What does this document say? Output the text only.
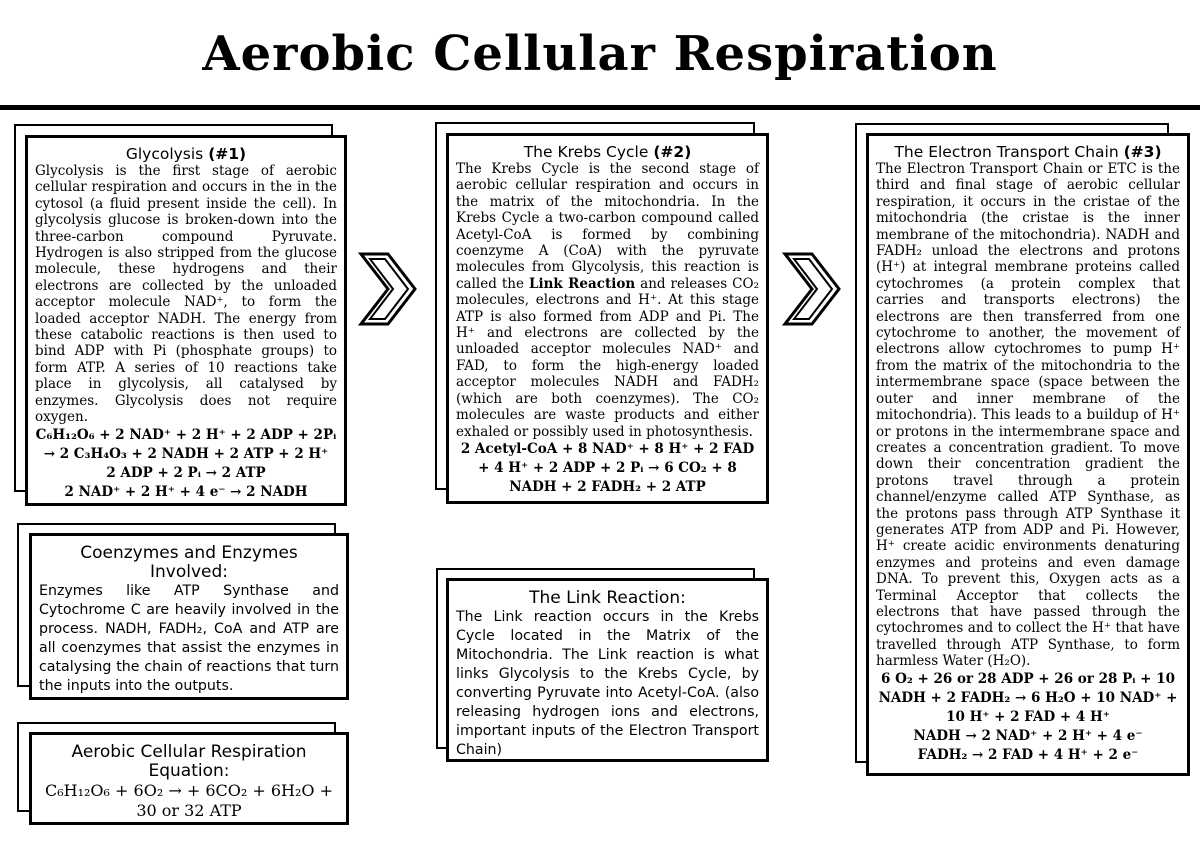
Aerobic Cellular Respiration
Glycolysis (#1)
Glycolysis is the first stage of aerobic cellular respiration and occurs in the in the cytosol (a fluid present inside the cell). In glycolysis glucose is broken-down into the three-carbon compound Pyruvate. Hydrogen is also stripped from the glucose molecule, these hydrogens and their electrons are collected by the unloaded acceptor molecule NAD⁺, to form the loaded acceptor NADH. The energy from these catabolic reactions is then used to bind ADP with Pi (phosphate groups) to form ATP. A series of 10 reactions take place in glycolysis, all catalysed by enzymes. Glycolysis does not require oxygen.
C₆H₁₂O₆ + 2 NAD⁺ + 2 H⁺ + 2 ADP + 2Pᵢ → 2 C₃H₄O₃ + 2 NADH + 2 ATP + 2 H⁺
2 ADP + 2 Pᵢ → 2 ATP
2 NAD⁺ + 2 H⁺ + 4 e⁻ → 2 NADH
The Krebs Cycle (#2)
The Krebs Cycle is the second stage of aerobic cellular respiration and occurs in the matrix of the mitochondria. In the Krebs Cycle a two-carbon compound called Acetyl-CoA is formed by combining coenzyme A (CoA) with the pyruvate molecules from Glycolysis, this reaction is called the Link Reaction and releases CO₂ molecules, electrons and H⁺. At this stage ATP is also formed from ADP and Pi. The H⁺ and electrons are collected by the unloaded acceptor molecules NAD⁺ and FAD, to form the high-energy loaded acceptor molecules NADH and FADH₂ (which are both coenzymes). The CO₂ molecules are waste products and either exhaled or possibly used in photosynthesis.
2 Acetyl-CoA + 8 NAD⁺ + 8 H⁺ + 2 FAD + 4 H⁺ + 2 ADP + 2 Pᵢ → 6 CO₂ + 8 NADH + 2 FADH₂ + 2 ATP
The Electron Transport Chain (#3)
The Electron Transport Chain or ETC is the third and final stage of aerobic cellular respiration, it occurs in the cristae of the mitochondria (the cristae is the inner membrane of the mitochondria). NADH and FADH₂ unload the electrons and protons (H⁺) at integral membrane proteins called cytochromes (a protein complex that carries and transports electrons) the electrons are then transferred from one cytochrome to another, the movement of electrons allow cytochromes to pump H⁺ from the matrix of the mitochondria to the intermembrane space (space between the outer and inner membrane of the mitochondria). This leads to a buildup of H⁺ or protons in the intermembrane space and creates a concentration gradient. To move down their concentration gradient the protons travel through a protein channel/enzyme called ATP Synthase, as the protons pass through ATP Synthase it generates ATP from ADP and Pi. However, H⁺ create acidic environments denaturing enzymes and proteins and even damage DNA. To prevent this, Oxygen acts as a Terminal Acceptor that collects the electrons that have passed through the cytochromes and to collect the H⁺ that have travelled through ATP Synthase, to form harmless Water (H₂O).
6 O₂ + 26 or 28 ADP + 26 or 28 Pᵢ + 10 NADH + 2 FADH₂ → 6 H₂O + 10 NAD⁺ + 10 H⁺ + 2 FAD + 4 H⁺
NADH → 2 NAD⁺ + 2 H⁺ + 4 e⁻
FADH₂ → 2 FAD + 4 H⁺ + 2 e⁻
Coenzymes and Enzymes Involved:
Enzymes like ATP Synthase and Cytochrome C are heavily involved in the process. NADH, FADH₂, CoA and ATP are all coenzymes that assist the enzymes in catalysing the chain of reactions that turn the inputs into the outputs.
The Link Reaction:
The Link reaction occurs in the Krebs Cycle located in the Matrix of the Mitochondria. The Link reaction is what links Glycolysis to the Krebs Cycle, by converting Pyruvate into Acetyl-CoA. (also releasing hydrogen ions and electrons, important inputs of the Electron Transport Chain)
Aerobic Cellular Respiration Equation:
C₆H₁₂O₆ + 6O₂ → + 6CO₂ + 6H₂O + 30 or 32 ATP
